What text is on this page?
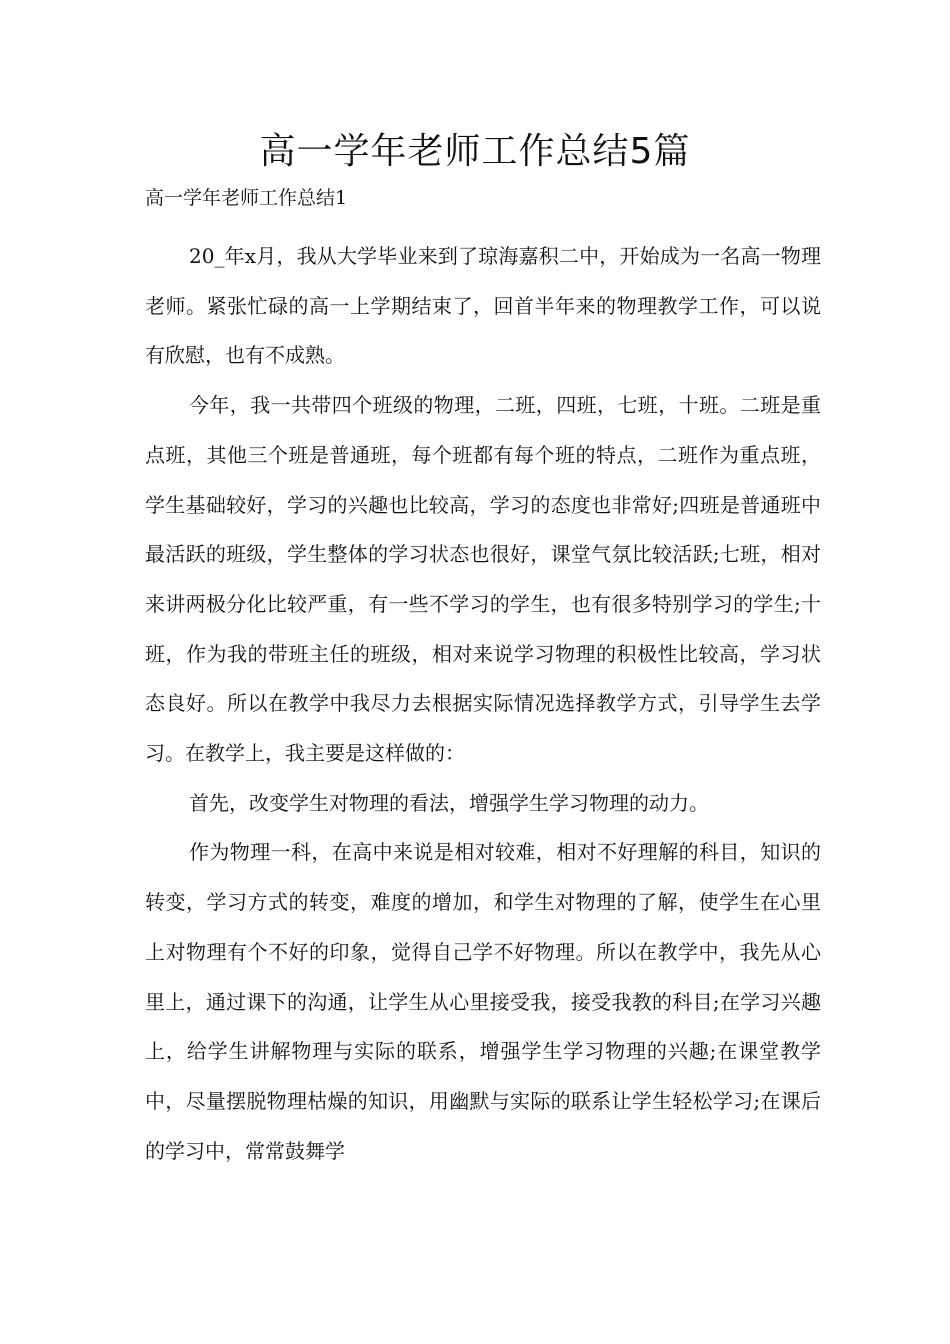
高一学年老师工作总结5篇

高一学年老师工作总结1

20_年x月，我从大学毕业来到了琼海嘉积二中，开始成为一名高一物理老师。紧张忙碌的高一上学期结束了，回首半年来的物理教学工作，可以说有欣慰，也有不成熟。

今年，我一共带四个班级的物理，二班，四班，七班，十班。二班是重点班，其他三个班是普通班，每个班都有每个班的特点，二班作为重点班，学生基础较好，学习的兴趣也比较高，学习的态度也非常好;四班是普通班中最活跃的班级，学生整体的学习状态也很好，课堂气氛比较活跃;七班，相对来讲两极分化比较严重，有一些不学习的学生，也有很多特别学习的学生;十班，作为我的带班主任的班级，相对来说学习物理的积极性比较高，学习状态良好。所以在教学中我尽力去根据实际情况选择教学方式，引导学生去学习。在教学上，我主要是这样做的：

首先，改变学生对物理的看法，增强学生学习物理的动力。

作为物理一科，在高中来说是相对较难，相对不好理解的科目，知识的转变，学习方式的转变，难度的增加，和学生对物理的了解，使学生在心里上对物理有个不好的印象，觉得自己学不好物理。所以在教学中，我先从心里上，通过课下的沟通，让学生从心里接受我，接受我教的科目;在学习兴趣上，给学生讲解物理与实际的联系，增强学生学习物理的兴趣;在课堂教学中，尽量摆脱物理枯燥的知识，用幽默与实际的联系让学生轻松学习;在课后的学习中，常常鼓舞学
